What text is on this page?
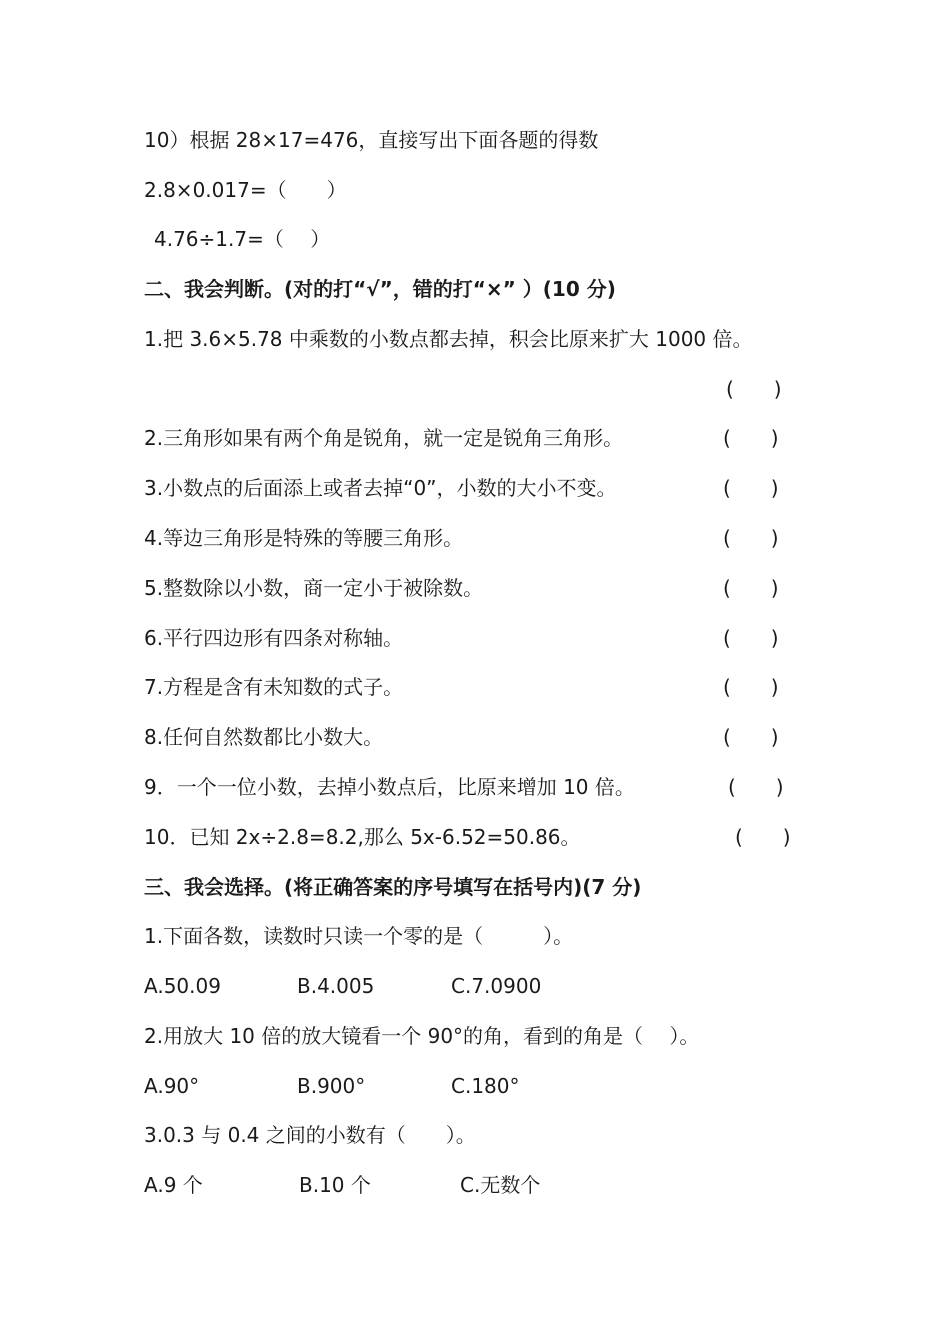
10）根据 28×17=476，直接写出下面各题的得数
2.8×0.017=（　　）
4.76÷1.7=（　 ）
二、我会判断。(对的打“√”，错的打“×” ）(10 分)
1.把 3.6×5.78 中乘数的小数点都去掉，积会比原来扩大 1000 倍。
(　　)
2.三角形如果有两个角是锐角，就一定是锐角三角形。	(　　)
3.小数点的后面添上或者去掉“0”，小数的大小不变。	(　　)
4.等边三角形是特殊的等腰三角形。	(　　)
5.整数除以小数，商一定小于被除数。	(　　)
6.平行四边形有四条对称轴。	(　　)
7.方程是含有未知数的式子。	(　　)
8.任何自然数都比小数大。	(　　)
9．一个一位小数，去掉小数点后，比原来增加 10 倍。	(　　)
10．已知 2x÷2.8=8.2,那么 5x-6.52=50.86。	(　　)
三、我会选择。(将正确答案的序号填写在括号内)(7 分)
1.下面各数，读数时只读一个零的是（　　　）。
A.50.09	B.4.005	C.7.0900
2.用放大 10 倍的放大镜看一个 90°的角，看到的角是（　 ）。
A.90°	B.900°	C.180°
3.0.3 与 0.4 之间的小数有（　　）。
A.9 个	B.10 个	C.无数个
